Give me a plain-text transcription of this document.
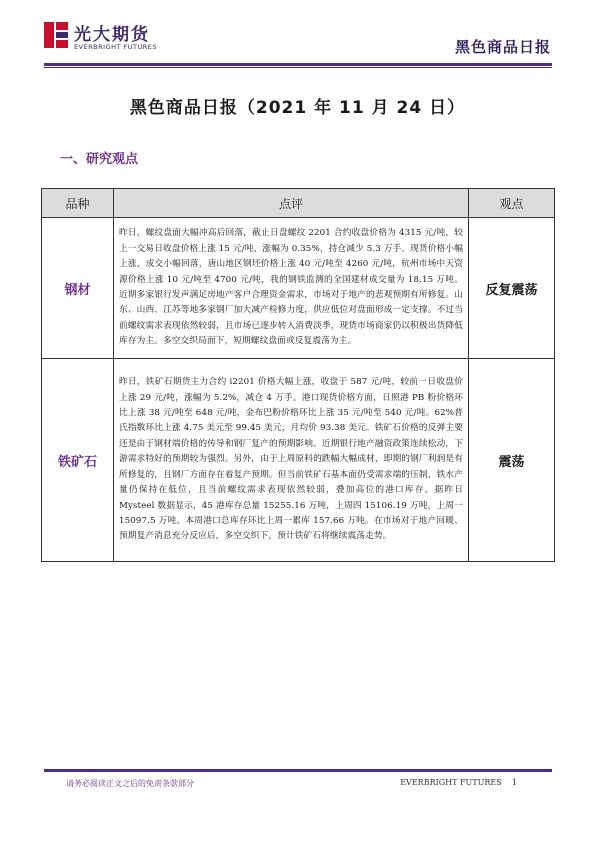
光大期货
EVERBRIGHT FUTURES	黑色商品日报
黑色商品日报（2021 年 11 月 24 日）
一、研究观点
品种	点评	观点
钢材	昨日，螺纹盘面大幅冲高后回落，截止日盘螺纹 2201 合约收盘价格为 4315 元/吨，较上一交易日收盘价格上涨 15 元/吨，涨幅为 0.35%，持仓减少 5.3 万手。现货价格小幅上涨，成交小幅回落，唐山地区钢坯价格上涨 40 元/吨至 4260 元/吨，杭州市场中天资源价格上涨 10 元/吨至 4700 元/吨，我的钢铁监测的全国建材成交量为 18.15 万吨。近期多家银行发声满足房地产客户合理资金需求，市场对于地产的悲观预期有所修复。山东、山西、江苏等地多家钢厂加大减产检修力度，供应低位对盘面形成一定支撑。不过当前螺纹需求表现依然较弱，且市场已逐步转入消费淡季，现货市场商家仍以积极出货降低库存为主。多空交织局面下，短期螺纹盘面或反复震荡为主。	反复震荡
铁矿石	昨日，铁矿石期货主力合约 i2201 价格大幅上涨，收盘于 587 元/吨，较前一日收盘价上涨 29 元/吨，涨幅为 5.2%，减仓 4 万手。港口现货价格方面，日照港 PB 粉价格环比上涨 38 元/吨至 648 元/吨，金布巴粉价格环比上涨 35 元/吨至 540 元/吨。62%普氏指数环比上涨 4.75 美元至 99.45 美元，月均价 93.38 美元。铁矿石价格的反弹主要还是由于钢材端价格的传导和钢厂复产的预期影响。近期银行地产融资政策连续松动，下游需求特好的预期较为强烈。另外，由于上周原料的跌幅大幅成材，即期的钢厂利润是有所修复的，且钢厂方面存在着复产预期。但当前铁矿石基本面仍受需求端的压制，铁水产量仍保持在低位，且当前螺纹需求表现依然较弱，叠加高位的港口库存。据昨日 Mysteel 数据显示，45 港库存总量 15255.16 万吨，上周四 15106.19 万吨，上周一 15097.5 万吨。本周港口总库存环比上周一累库 157.66 万吨。在市场对于地产回暖、预期复产消息充分反应后，多空交织下，预计铁矿石将继续震荡走势。	震荡
请务必阅读正文之后的免责条款部分	EVERBRIGHT FUTURES 1
